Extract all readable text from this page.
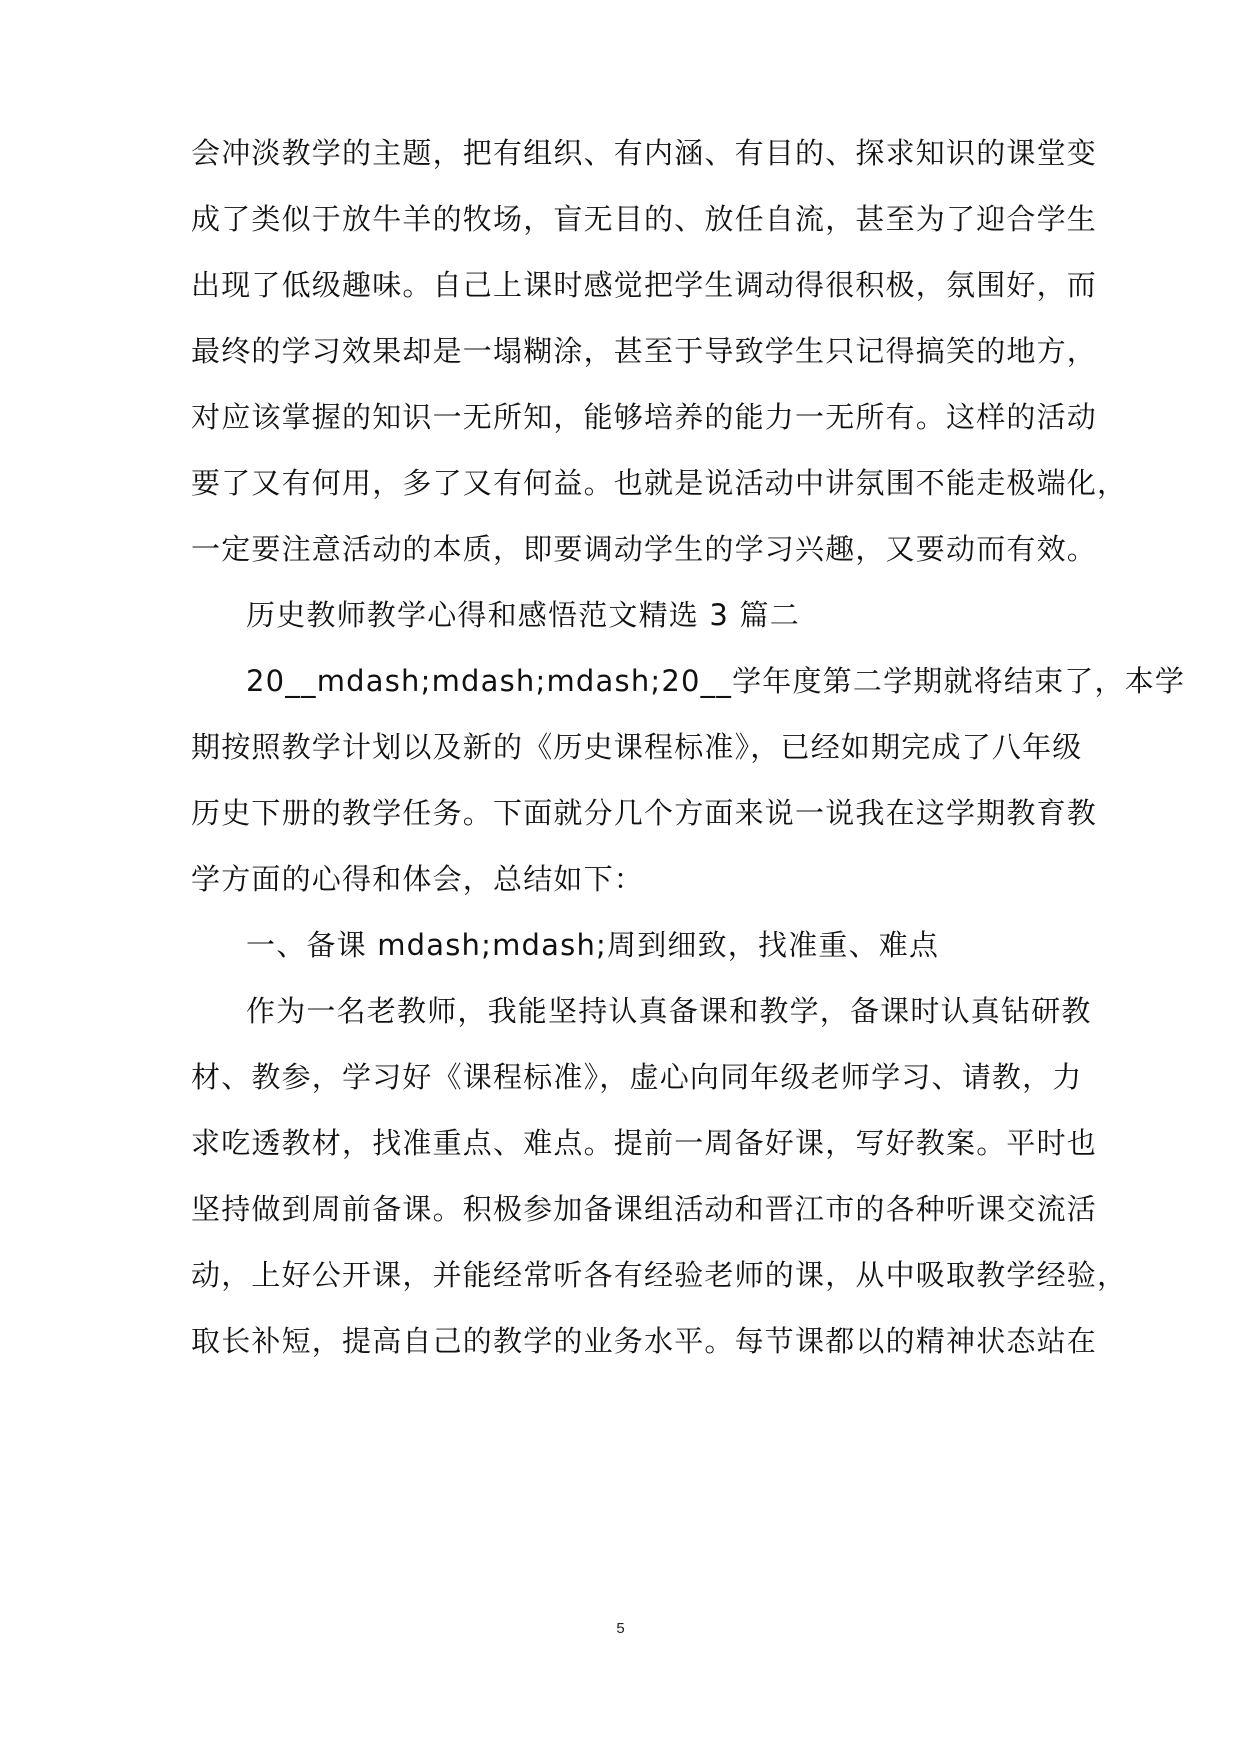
会冲淡教学的主题，把有组织、有内涵、有目的、探求知识的课堂变
成了类似于放牛羊的牧场，盲无目的、放任自流，甚至为了迎合学生
出现了低级趣味。自己上课时感觉把学生调动得很积极，氛围好，而
最终的学习效果却是一塌糊涂，甚至于导致学生只记得搞笑的地方，
对应该掌握的知识一无所知，能够培养的能力一无所有。这样的活动
要了又有何用，多了又有何益。也就是说活动中讲氛围不能走极端化，
一定要注意活动的本质，即要调动学生的学习兴趣，又要动而有效。
历史教师教学心得和感悟范文精选 3 篇二
20__mdash;mdash;mdash;20__学年度第二学期就将结束了，本学
期按照教学计划以及新的《历史课程标准》，已经如期完成了八年级
历史下册的教学任务。下面就分几个方面来说一说我在这学期教育教
学方面的心得和体会，总结如下：
一、备课 mdash;mdash;周到细致，找准重、难点
作为一名老教师，我能坚持认真备课和教学，备课时认真钻研教
材、教参，学习好《课程标准》，虚心向同年级老师学习、请教，力
求吃透教材，找准重点、难点。提前一周备好课，写好教案。平时也
坚持做到周前备课。积极参加备课组活动和晋江市的各种听课交流活
动，上好公开课，并能经常听各有经验老师的课，从中吸取教学经验，
取长补短，提高自己的教学的业务水平。每节课都以的精神状态站在
5
